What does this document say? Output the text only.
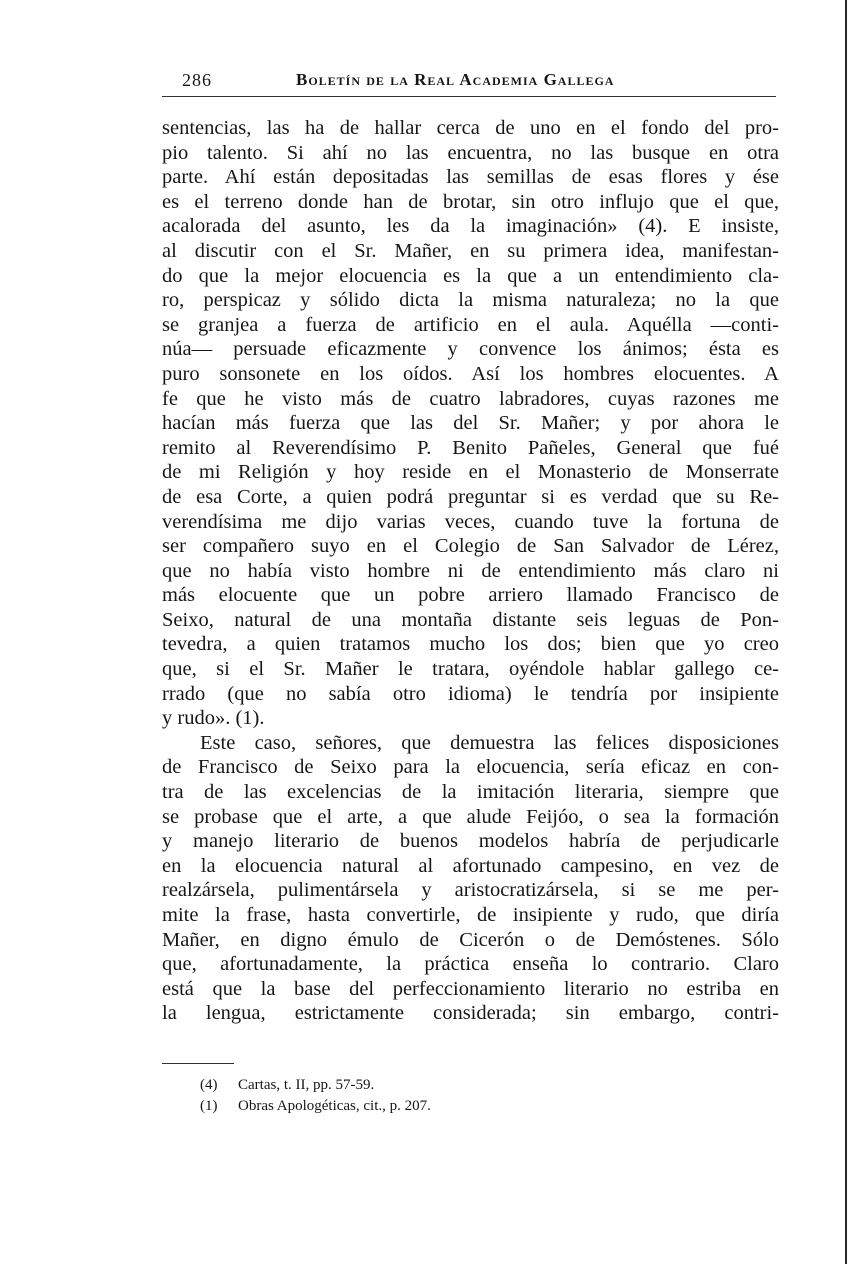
286	Boletín de la Real Academia Gallega
sentencias, las ha de hallar cerca de uno en el fondo del pro-
pio talento. Si ahí no las encuentra, no las busque en otra
parte. Ahí están depositadas las semillas de esas flores y ése
es el terreno donde han de brotar, sin otro influjo que el que,
acalorada del asunto, les da la imaginación» (4). E insiste,
al discutir con el Sr. Mañer, en su primera idea, manifestan-
do que la mejor elocuencia es la que a un entendimiento cla-
ro, perspicaz y sólido dicta la misma naturaleza; no la que
se granjea a fuerza de artificio en el aula. Aquélla —conti-
núa— persuade eficazmente y convence los ánimos; ésta es
puro sonsonete en los oídos. Así los hombres elocuentes. A
fe que he visto más de cuatro labradores, cuyas razones me
hacían más fuerza que las del Sr. Mañer; y por ahora le
remito al Reverendísimo P. Benito Pañeles, General que fué
de mi Religión y hoy reside en el Monasterio de Monserrate
de esa Corte, a quien podrá preguntar si es verdad que su Re-
verendísima me dijo varias veces, cuando tuve la fortuna de
ser compañero suyo en el Colegio de San Salvador de Lérez,
que no había visto hombre ni de entendimiento más claro ni
más elocuente que un pobre arriero llamado Francisco de
Seixo, natural de una montaña distante seis leguas de Pon-
tevedra, a quien tratamos mucho los dos; bien que yo creo
que, si el Sr. Mañer le tratara, oyéndole hablar gallego ce-
rrado (que no sabía otro idioma) le tendría por insipiente
y rudo». (1).
Este caso, señores, que demuestra las felices disposiciones
de Francisco de Seixo para la elocuencia, sería eficaz en con-
tra de las excelencias de la imitación literaria, siempre que
se probase que el arte, a que alude Feijóo, o sea la formación
y manejo literario de buenos modelos habría de perjudicarle
en la elocuencia natural al afortunado campesino, en vez de
realzársela, pulimentársela y aristocratizársela, si se me per-
mite la frase, hasta convertirle, de insipiente y rudo, que diría
Mañer, en digno émulo de Cicerón o de Demóstenes. Sólo
que, afortunadamente, la práctica enseña lo contrario. Claro
está que la base del perfeccionamiento literario no estriba en
la lengua, estrictamente considerada; sin embargo, contri-
(4) Cartas, t. II, pp. 57-59.
(1) Obras Apologéticas, cit., p. 207.
